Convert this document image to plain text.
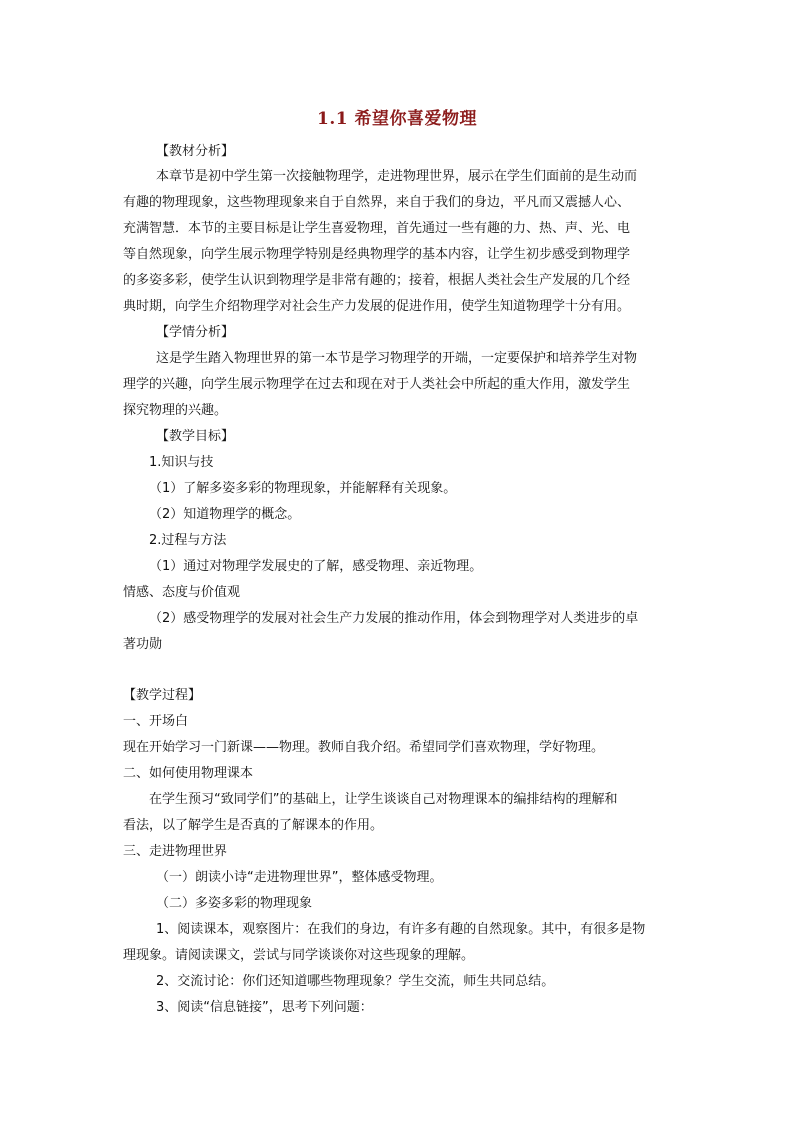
1.1 希望你喜爱物理
【教材分析】
本章节是初中学生第一次接触物理学，走进物理世界，展示在学生们面前的是生动而
有趣的物理现象，这些物理现象来自于自然界，来自于我们的身边，平凡而又震撼人心、
充满智慧．本节的主要目标是让学生喜爱物理，首先通过一些有趣的力、热、声、光、电
等自然现象，向学生展示物理学特别是经典物理学的基本内容，让学生初步感受到物理学
的多姿多彩，使学生认识到物理学是非常有趣的；接着，根据人类社会生产发展的几个经
典时期，向学生介绍物理学对社会生产力发展的促进作用，使学生知道物理学十分有用。
【学情分析】
这是学生踏入物理世界的第一本节是学习物理学的开端，一定要保护和培养学生对物
理学的兴趣，向学生展示物理学在过去和现在对于人类社会中所起的重大作用，激发学生
探究物理的兴趣。
【教学目标】
1.知识与技
（1）了解多姿多彩的物理现象，并能解释有关现象。
（2）知道物理学的概念。
2.过程与方法
（1）通过对物理学发展史的了解，感受物理、亲近物理。
情感、态度与价值观
（2）感受物理学的发展对社会生产力发展的推动作用，体会到物理学对人类进步的卓
著功勋
【教学过程】
一、开场白
现在开始学习一门新课——物理。教师自我介绍。希望同学们喜欢物理，学好物理。
二、如何使用物理课本
在学生预习“致同学们”的基础上，让学生谈谈自己对物理课本的编排结构的理解和
看法，以了解学生是否真的了解课本的作用。
三、走进物理世界
（一）朗读小诗“走进物理世界”，整体感受物理。
（二）多姿多彩的物理现象
1、阅读课本，观察图片：在我们的身边，有许多有趣的自然现象。其中，有很多是物
理现象。请阅读课文，尝试与同学谈谈你对这些现象的理解。
2、交流讨论：你们还知道哪些物理现象？学生交流，师生共同总结。
3、阅读“信息链接”，思考下列问题：
